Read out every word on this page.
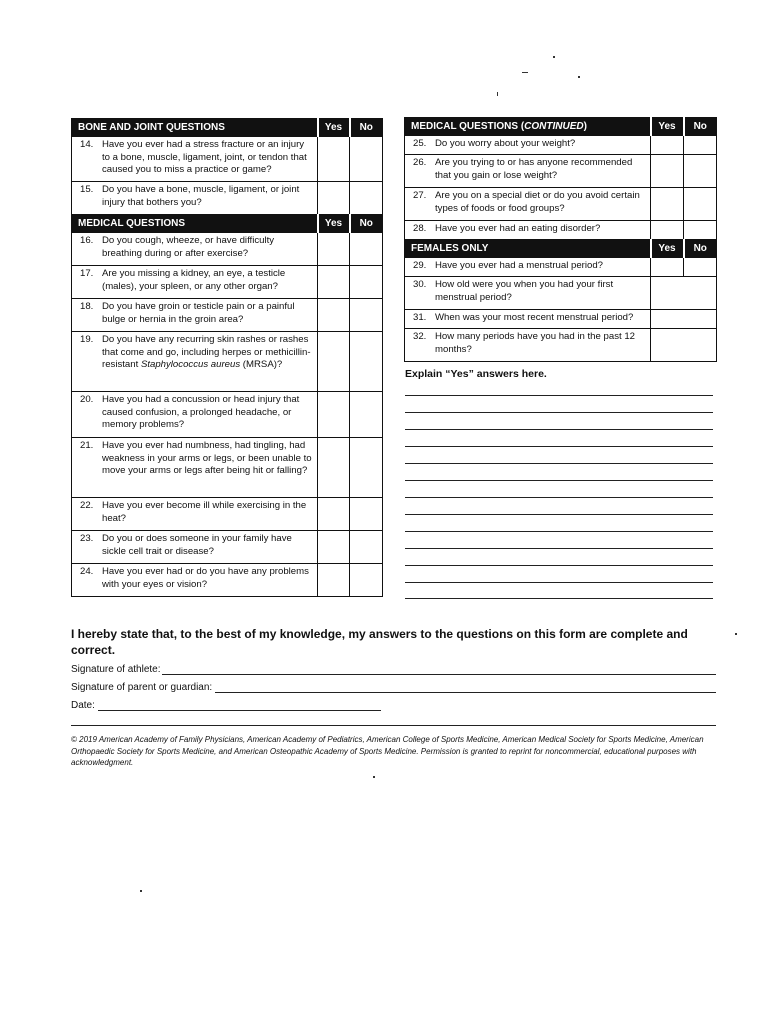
BONE AND JOINT QUESTIONS	Yes	No

14. Have you ever had a stress fracture or an injury to a bone, muscle, ligament, joint, or tendon that caused you to miss a practice or game?		

15. Do you have a bone, muscle, ligament, or joint injury that bothers you?		

MEDICAL QUESTIONS	Yes	No

16. Do you cough, wheeze, or have difficulty breathing during or after exercise?		

17. Are you missing a kidney, an eye, a testicle (males), your spleen, or any other organ?		

18. Do you have groin or testicle pain or a painful bulge or hernia in the groin area?		

19. Do you have any recurring skin rashes or rashes that come and go, including herpes or methicillin-resistant Staphylococcus aureus (MRSA)?		

20. Have you had a concussion or head injury that caused confusion, a prolonged headache, or memory problems?		

21. Have you ever had numbness, had tingling, had weakness in your arms or legs, or been unable to move your arms or legs after being hit or falling?		

22. Have you ever become ill while exercising in the heat?		

23. Do you or does someone in your family have sickle cell trait or disease?		

24. Have you ever had or do you have any problems with your eyes or vision?		

MEDICAL QUESTIONS (CONTINUED)	Yes	No

25. Do you worry about your weight?		

26. Are you trying to or has anyone recommended that you gain or lose weight?		

27. Are you on a special diet or do you avoid certain types of foods or food groups?		

28. Have you ever had an eating disorder?		

FEMALES ONLY	Yes	No

29. Have you ever had a menstrual period?		

30. How old were you when you had your first menstrual period?		

31. When was your most recent menstrual period?		

32. How many periods have you had in the past 12 months?		

Explain “Yes” answers here.
I hereby state that, to the best of my knowledge, my answers to the questions on this form are complete and correct.
Signature of athlete:
Signature of parent or guardian:
Date:
© 2019 American Academy of Family Physicians, American Academy of Pediatrics, American College of Sports Medicine, American Medical Society for Sports Medicine, American Orthopaedic Society for Sports Medicine, and American Osteopathic Academy of Sports Medicine. Permission is granted to reprint for noncommercial, educational purposes with acknowledgment.
